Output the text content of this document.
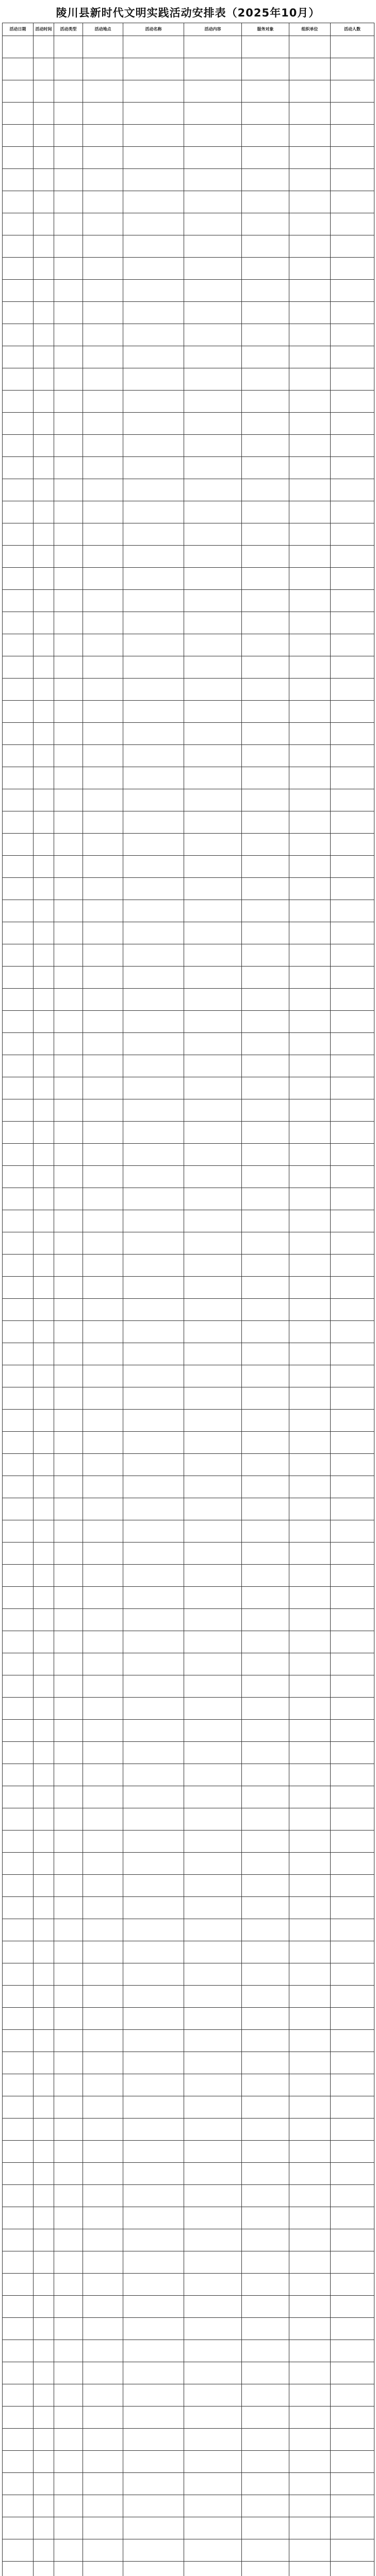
陵川县新时代文明实践活动安排表（2025年10月）
活动日期	活动时间	活动类型	活动地点	活动名称	活动内容	服务对象	组织单位	活动人数
